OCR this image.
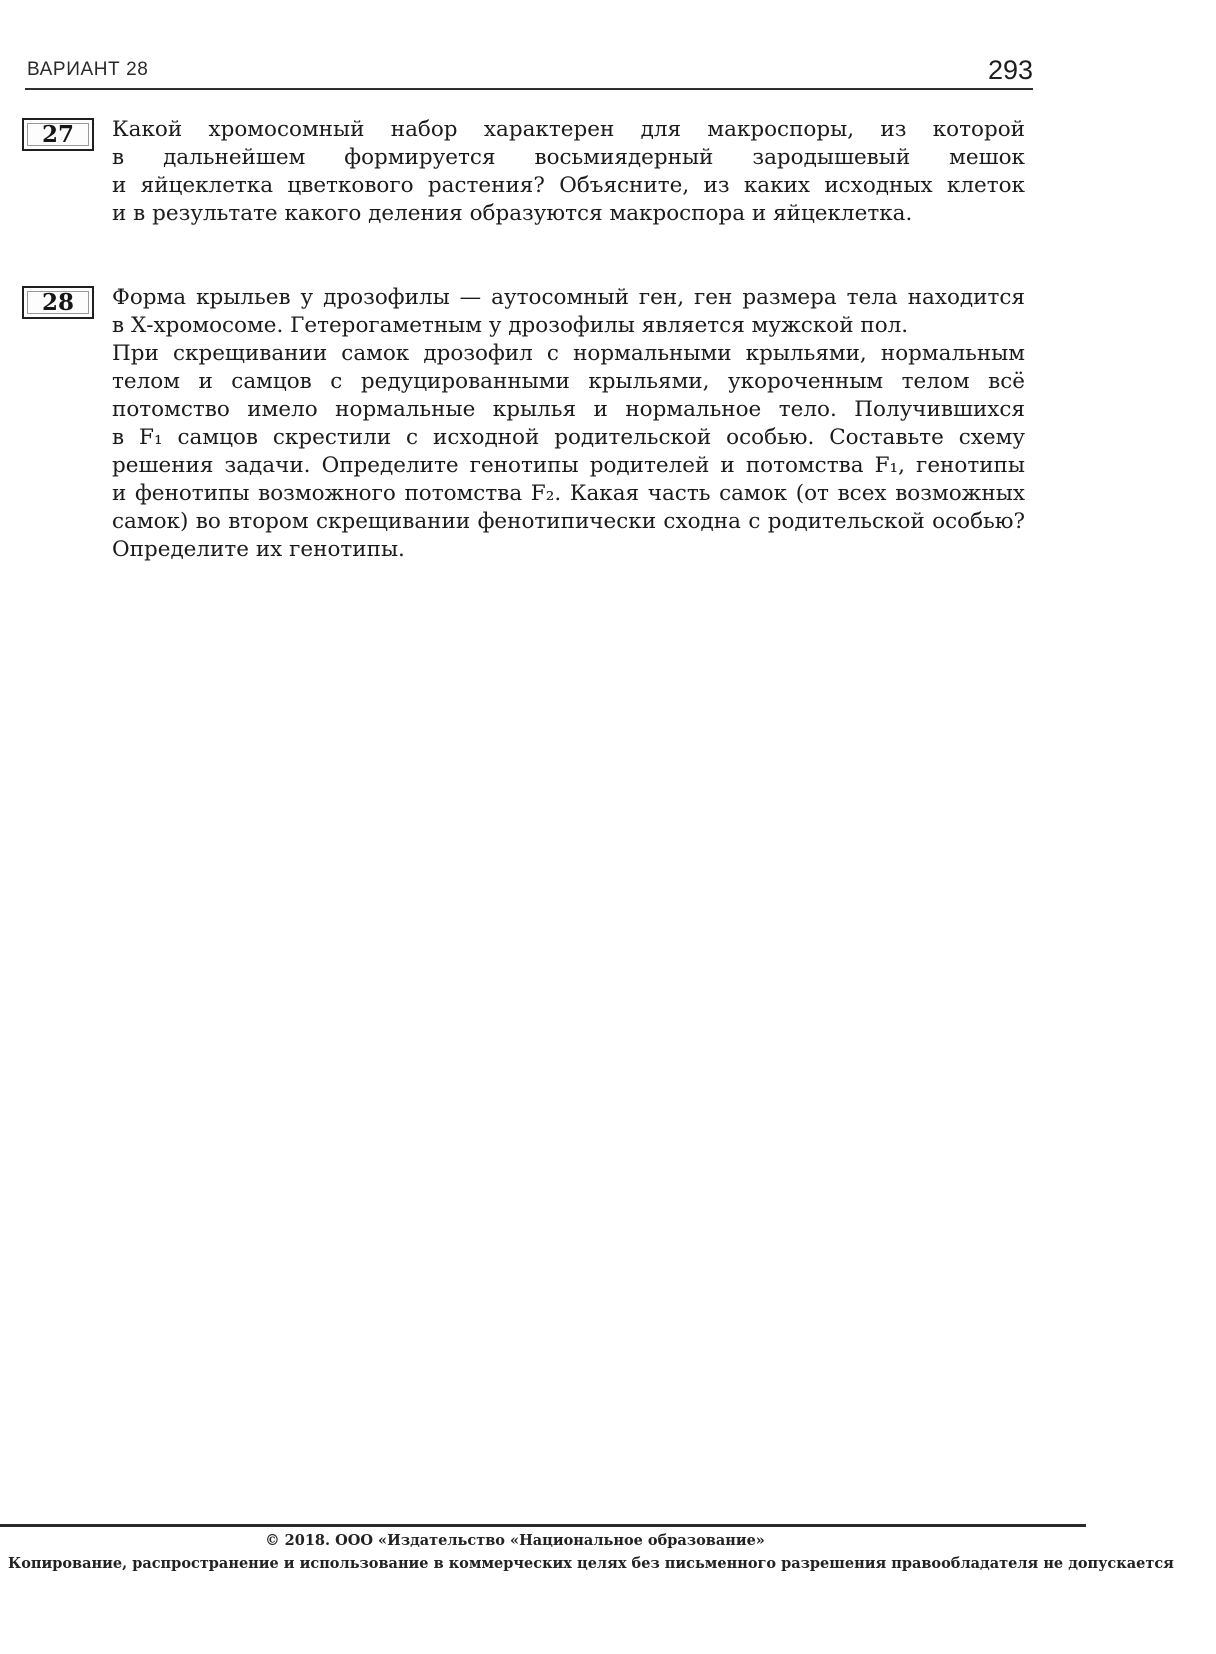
ВАРИАНТ 28	293
27 Какой хромосомный набор характерен для макроспоры, из которой
в дальнейшем формируется восьмиядерный зародышевый мешок
и яйцеклетка цветкового растения? Объясните, из каких исходных клеток
и в результате какого деления образуются макроспора и яйцеклетка.
28 Форма крыльев у дрозофилы — аутосомный ген, ген размера тела находится
в Х-хромосоме. Гетерогаметным у дрозофилы является мужской пол.
При скрещивании самок дрозофил с нормальными крыльями, нормальным
телом и самцов с редуцированными крыльями, укороченным телом всё
потомство имело нормальные крылья и нормальное тело. Получившихся
в F₁ самцов скрестили с исходной родительской особью. Составьте схему
решения задачи. Определите генотипы родителей и потомства F₁, генотипы
и фенотипы возможного потомства F₂. Какая часть самок (от всех возможных
самок) во втором скрещивании фенотипически сходна с родительской особью?
Определите их генотипы.
© 2018. ООО «Издательство «Национальное образование»
Копирование, распространение и использование в коммерческих целях без письменного разрешения правообладателя не допускается
